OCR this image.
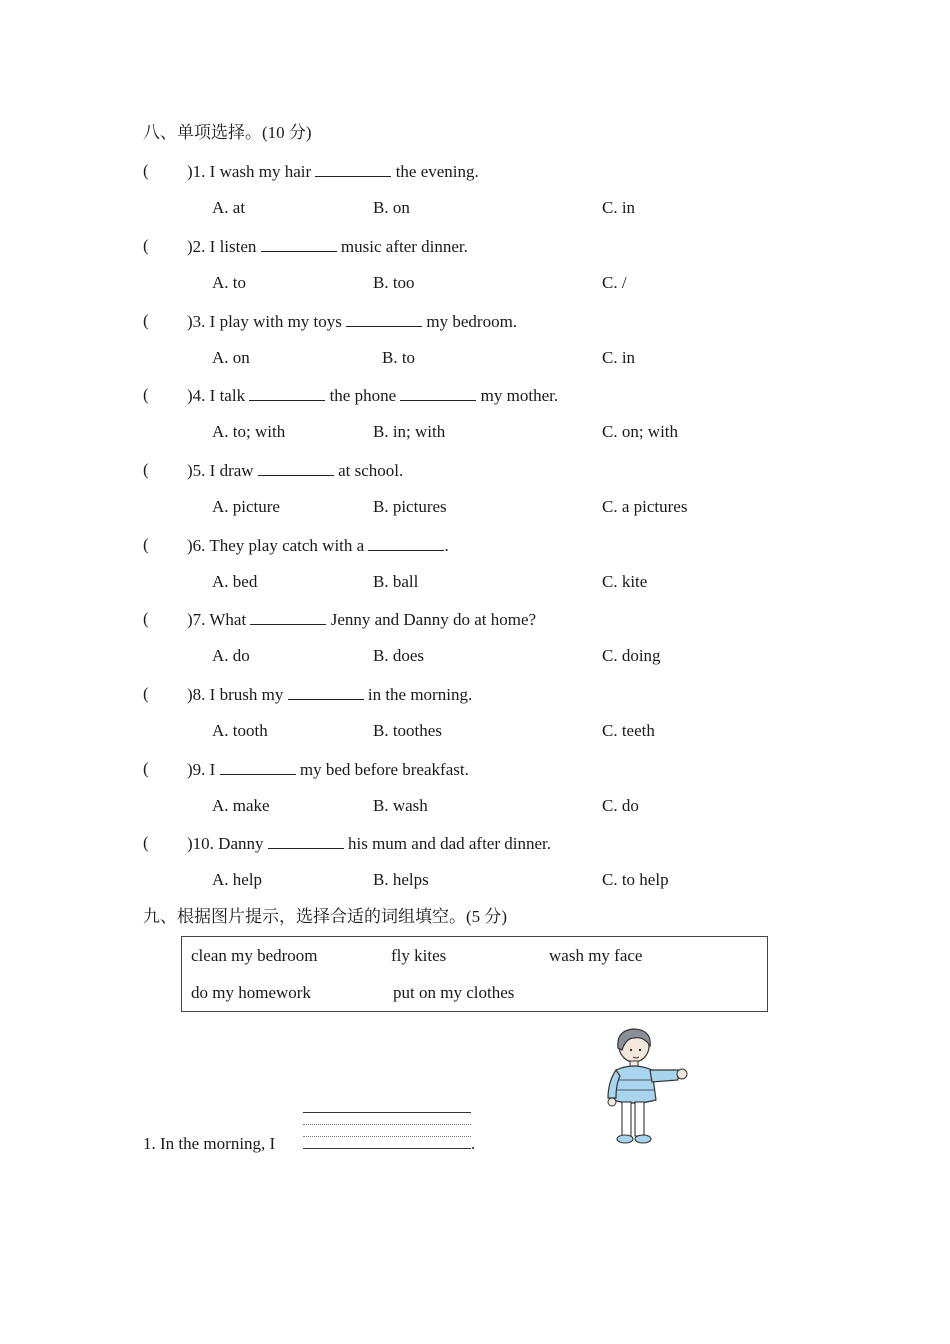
八、单项选择。(10 分)
( )1. I wash my hair	the evening.
A. at	B. on	C. in
( )2. I listen	music after dinner.
A. to	B. too	C. /
( )3. I play with my toys	my bedroom.
A. on	B. to	C. in
( )4. I talk	the phone	my mother.
A. to; with	B. in; with	C. on; with
( )5. I draw	at school.
A. picture	B. pictures	C. a pictures
( )6. They play catch with a	.
A. bed	B. ball	C. kite
( )7. What	Jenny and Danny do at home?
A. do	B. does	C. doing
( )8. I brush my	in the morning.
A. tooth	B. toothes	C. teeth
( )9. I	my bed before breakfast.
A. make	B. wash	C. do
( )10. Danny	his mum and dad after dinner.
A. help	B. helps	C. to help
九、根据图片提示，选择合适的词组填空。(5 分)
clean my bedroom	fly kites	wash my face
do my homework	put on my clothes
1. In the morning, I	.
